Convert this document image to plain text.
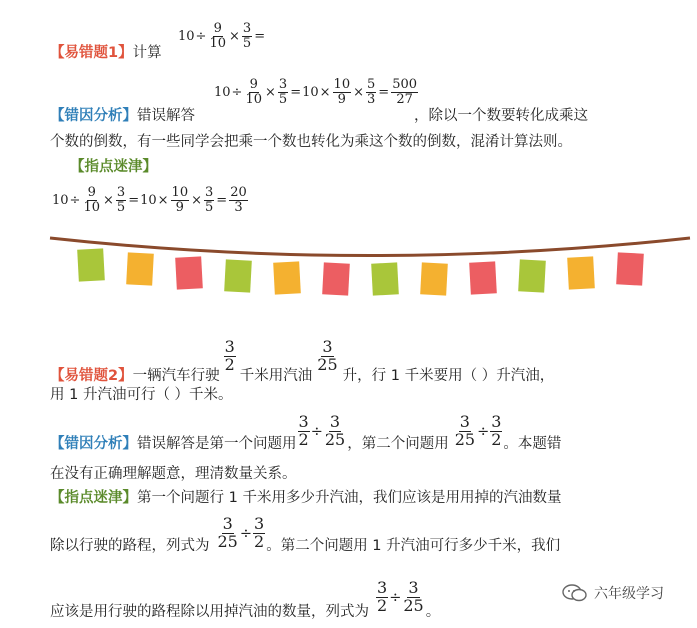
$10 \div \frac{9}{10} \times \frac{3}{5}$ =
【易错题1】计算
$10 \div \frac{9}{10} \times \frac{3}{5} = 10 \times \frac{10}{9} \times \frac{5}{3} = \frac{500}{27}$
【错因分析】错误解答	，除以一个数要转化成乘这
个数的倒数，有一些同学会把乘一个数也转化为乘这个数的倒数，混淆计算法则。
【指点迷津】
$10 \div \frac{9}{10} \times \frac{3}{5} = 10 \times \frac{10}{9} \times \frac{3}{5} = \frac{20}{3}$
【易错题2】 一辆汽车行驶
$\frac{3}{2}$
千米用汽油
$\frac{3}{25}$
升，行 1 千米要用（ ）升汽油，
用 1 升汽油可行（ ）千米。
【错因分析】 错误解答是第一个问题用 $\frac{3}{2} \div \frac{3}{25}$ ，第二个问题用 $\frac{3}{25} \div \frac{3}{2}$ 。本题错
在没有正确理解题意，理清数量关系。
【指点迷津】第一个问题行 1 千米用多少升汽油，我们应该是用用掉的汽油数量
除以行驶的路程，列式为 $\frac{3}{25} \div \frac{3}{2}$ 。第二个问题用 1 升汽油可行多少千米，我们
应该是用行驶的路程除以用掉汽油的数量，列式为 $\frac{3}{2} \div \frac{3}{25}$ 。
六年级学习
